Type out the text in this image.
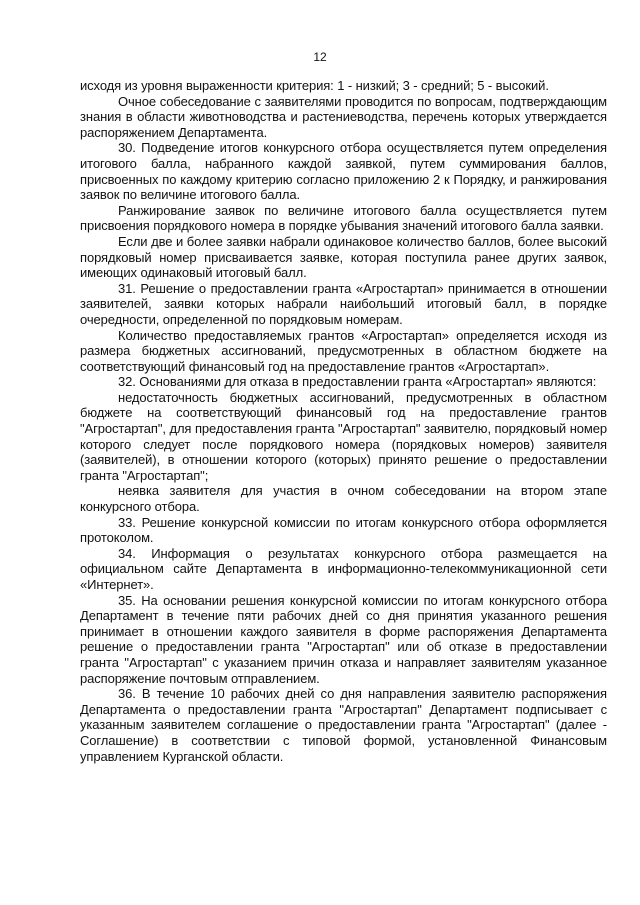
12

исходя из уровня выраженности критерия: 1 - низкий; 3 - средний; 5 - высокий.

Очное собеседование с заявителями проводится по вопросам, подтверждающим знания в области животноводства и растениеводства, перечень которых утверждается распоряжением Департамента.

30. Подведение итогов конкурсного отбора осуществляется путем определения итогового балла, набранного каждой заявкой, путем суммирования баллов, присвоенных по каждому критерию согласно приложению 2 к Порядку, и ранжирования заявок по величине итогового балла.

Ранжирование заявок по величине итогового балла осуществляется путем присвоения порядкового номера в порядке убывания значений итогового балла заявки.

Если две и более заявки набрали одинаковое количество баллов, более высокий порядковый номер присваивается заявке, которая поступила ранее других заявок, имеющих одинаковый итоговый балл.

31. Решение о предоставлении гранта «Агростартап» принимается в отношении заявителей, заявки которых набрали наибольший итоговый балл, в порядке очередности, определенной по порядковым номерам.

Количество предоставляемых грантов «Агростартап» определяется исходя из размера бюджетных ассигнований, предусмотренных в областном бюджете на соответствующий финансовый год на предоставление грантов «Агростартап».

32. Основаниями для отказа в предоставлении гранта «Агростартап» являются:

недостаточность бюджетных ассигнований, предусмотренных в областном бюджете на соответствующий финансовый год на предоставление грантов "Агростартап", для предоставления гранта "Агростартап" заявителю, порядковый номер которого следует после порядкового номера (порядковых номеров) заявителя (заявителей), в отношении которого (которых) принято решение о предоставлении гранта "Агростартап";

неявка заявителя для участия в очном собеседовании на втором этапе конкурсного отбора.

33. Решение конкурсной комиссии по итогам конкурсного отбора оформляется протоколом.

34. Информация о результатах конкурсного отбора размещается на официальном сайте Департамента в информационно-телекоммуникационной сети «Интернет».

35. На основании решения конкурсной комиссии по итогам конкурсного отбора Департамент в течение пяти рабочих дней со дня принятия указанного решения принимает в отношении каждого заявителя в форме распоряжения Департамента решение о предоставлении гранта "Агростартап" или об отказе в предоставлении гранта "Агростартап" с указанием причин отказа и направляет заявителям указанное распоряжение почтовым отправлением.

36. В течение 10 рабочих дней со дня направления заявителю распоряжения Департамента о предоставлении гранта "Агростартап" Департамент подписывает с указанным заявителем соглашение о предоставлении гранта "Агростартап" (далее - Соглашение) в соответствии с типовой формой, установленной Финансовым управлением Курганской области.
